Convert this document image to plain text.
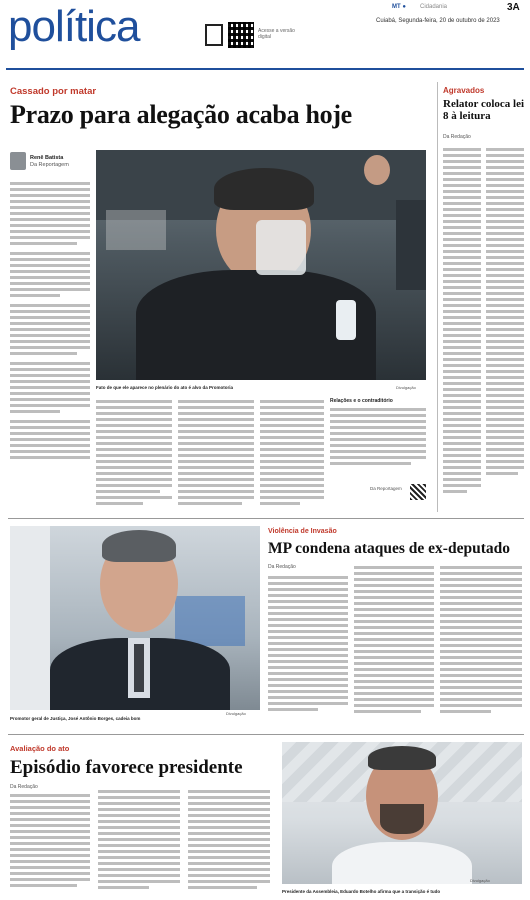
política	Acesse a versão digital
MT ● Cidadania	3A
Cuiabá, Segunda-feira, 20 de outubro de 2023
Cassado por matar
Prazo para alegação acaba hoje
Renê Batista
Da Reportagem
Fato de que ele aparece no plenário do ato é alvo da Promotoria	Divulgação
Relações e o contraditório
Da Reportagem
Agravados
Relator coloca lei 8 à leitura
Da Redação
Promotor geral de Justiça, José Antônio Borges, cadeia bom
Divulgação
Violência de Invasão
MP condena ataques de ex-deputado
Da Redação
Avaliação do ato
Episódio favorece presidente
Da Redação
Presidente da Assembleia, Eduardo Botelho afirma que a transição é tudo
Divulgação
